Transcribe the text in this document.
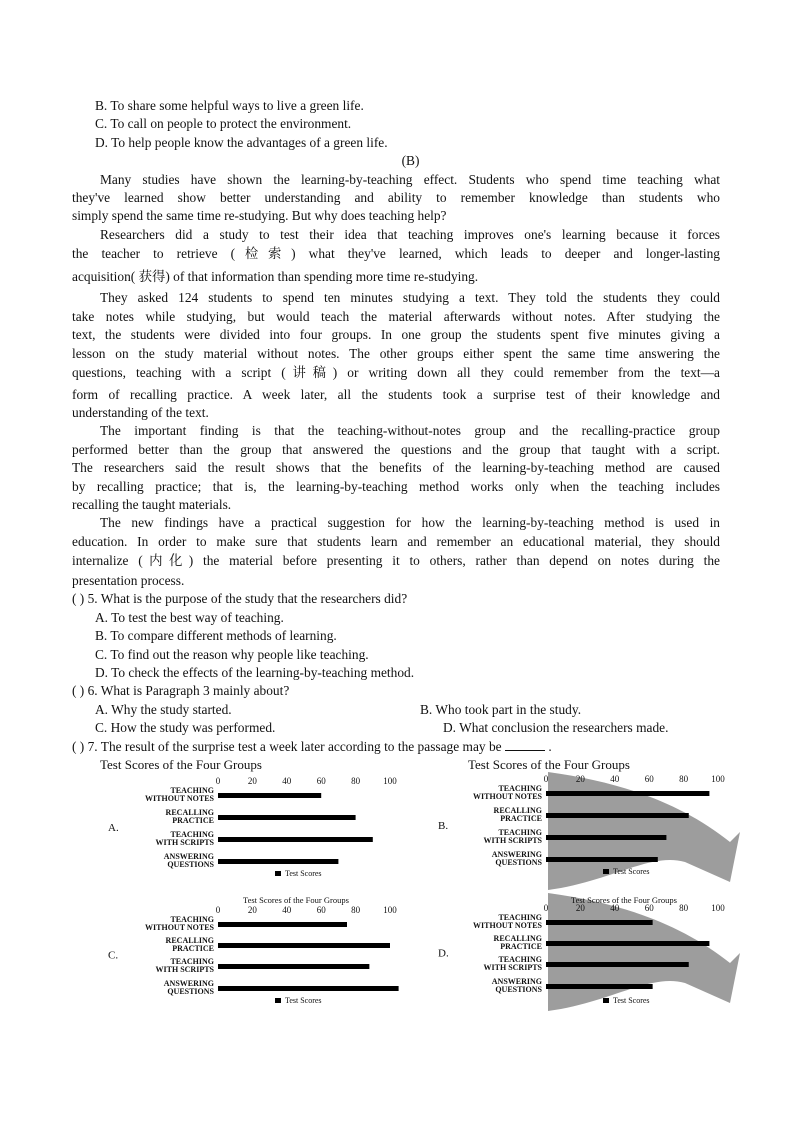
B. To share some helpful ways to live a green life.
C. To call on people to protect the environment.
D. To help people know the advantages of a green life.
(B)
Many studies have shown the learning-by-teaching effect. Students who spend time teaching what
they've learned show better understanding and ability to remember knowledge than students who
simply spend the same time re-studying. But why does teaching help?
Researchers did a study to test their idea that teaching improves one's learning because it forces
the teacher to retrieve (检索) what they've learned, which leads to deeper and longer-lasting
acquisition( 获得) of that information than spending more time re-studying.
They asked 124 students to spend ten minutes studying a text. They told the students they could
take notes while studying, but would teach the material afterwards without notes. After studying the
text, the students were divided into four groups. In one group the students spent five minutes giving a
lesson on the study material without notes. The other groups either spent the same time answering the
questions, teaching with a script (讲稿) or writing down all they could remember from the text—a
form of recalling practice. A week later, all the students took a surprise test of their knowledge and
understanding of the text.
The important finding is that the teaching-without-notes group and the recalling-practice group
performed better than the group that answered the questions and the group that taught with a script.
The researchers said the result shows that the benefits of the learning-by-teaching method are caused
by recalling practice; that is, the learning-by-teaching method works only when the teaching includes
recalling the taught materials.
The new findings have a practical suggestion for how the learning-by-teaching method is used in
education. In order to make sure that students learn and remember an educational material, they should
internalize (内化) the material before presenting it to others, rather than depend on notes during the
presentation process.
( ) 5. What is the purpose of the study that the researchers did?
A. To test the best way of teaching.
B. To compare different methods of learning.
C. To find out the reason why people like teaching.
D. To check the effects of the learning-by-teaching method.
( ) 6. What is Paragraph 3 mainly about?
A. Why the study started.	B. Who took part in the study.
C. How the study was performed.	D. What conclusion the researchers made.
( ) 7. The result of the surprise test a week later according to the passage may be	.
Test Scores of the Four Groups	Test Scores of the Four Groups
A.
0	20	40	60	80	100
TEACHING WITHOUT NOTES
RECALLING PRACTICE
TEACHING WITH SCRIPTS
ANSWERING QUESTIONS
Test Scores
B.
0	20	40	60	80	100
TEACHING WITHOUT NOTES
RECALLING PRACTICE
TEACHING WITH SCRIPTS
ANSWERING QUESTIONS
Test Scores
Test Scores of the Four Groups
C.
0	20	40	60	80	100
TEACHING WITHOUT NOTES
RECALLING PRACTICE
TEACHING WITH SCRIPTS
ANSWERING QUESTIONS
Test Scores
Test Scores of the Four Groups
D.
0	20	40	60	80	100
TEACHING WITHOUT NOTES
RECALLING PRACTICE
TEACHING WITH SCRIPTS
ANSWERING QUESTIONS
Test Scores
